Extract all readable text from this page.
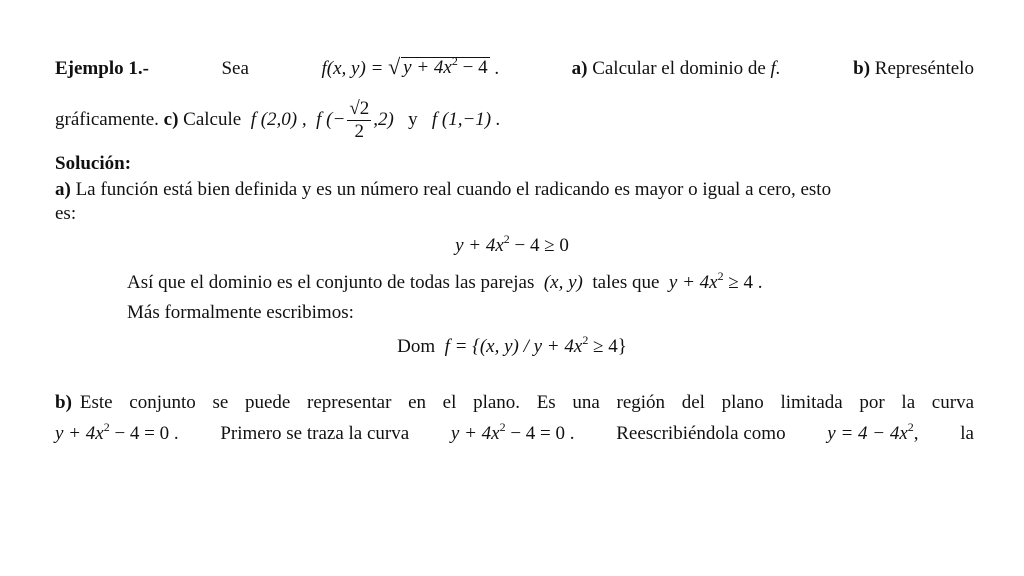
Ejemplo 1.-	Sea	f(x, y) = √ $y + 4x^2 - 4$ .	a) Calcular el dominio de f.	b) Represéntelo
gráficamente. c) Calcule f (2,0) , f (− $\frac{√2}{2} ,2$) y f (1,−1) .
Solución:
a) La función está bien definida y es un número real cuando el radicando es mayor o igual a cero, esto
es:
$y + 4x^2 - 4 \ge 0$
Así que el dominio es el conjunto de todas las parejas (x, y) tales que $y + 4x^2 \ge 4$ .
Más formalmente escribimos:
Dom f = {(x, $y) / y + 4x^2 \ge 4$}
b) Este conjunto se puede representar en el plano. Es una región del plano limitada por la curva
$y + 4x^2 - 4 = 0$ . Primero se traza la curva $y + 4x^2 - 4 = 0$ . Reescribiéndola como $y = 4 - 4x^2$, la
